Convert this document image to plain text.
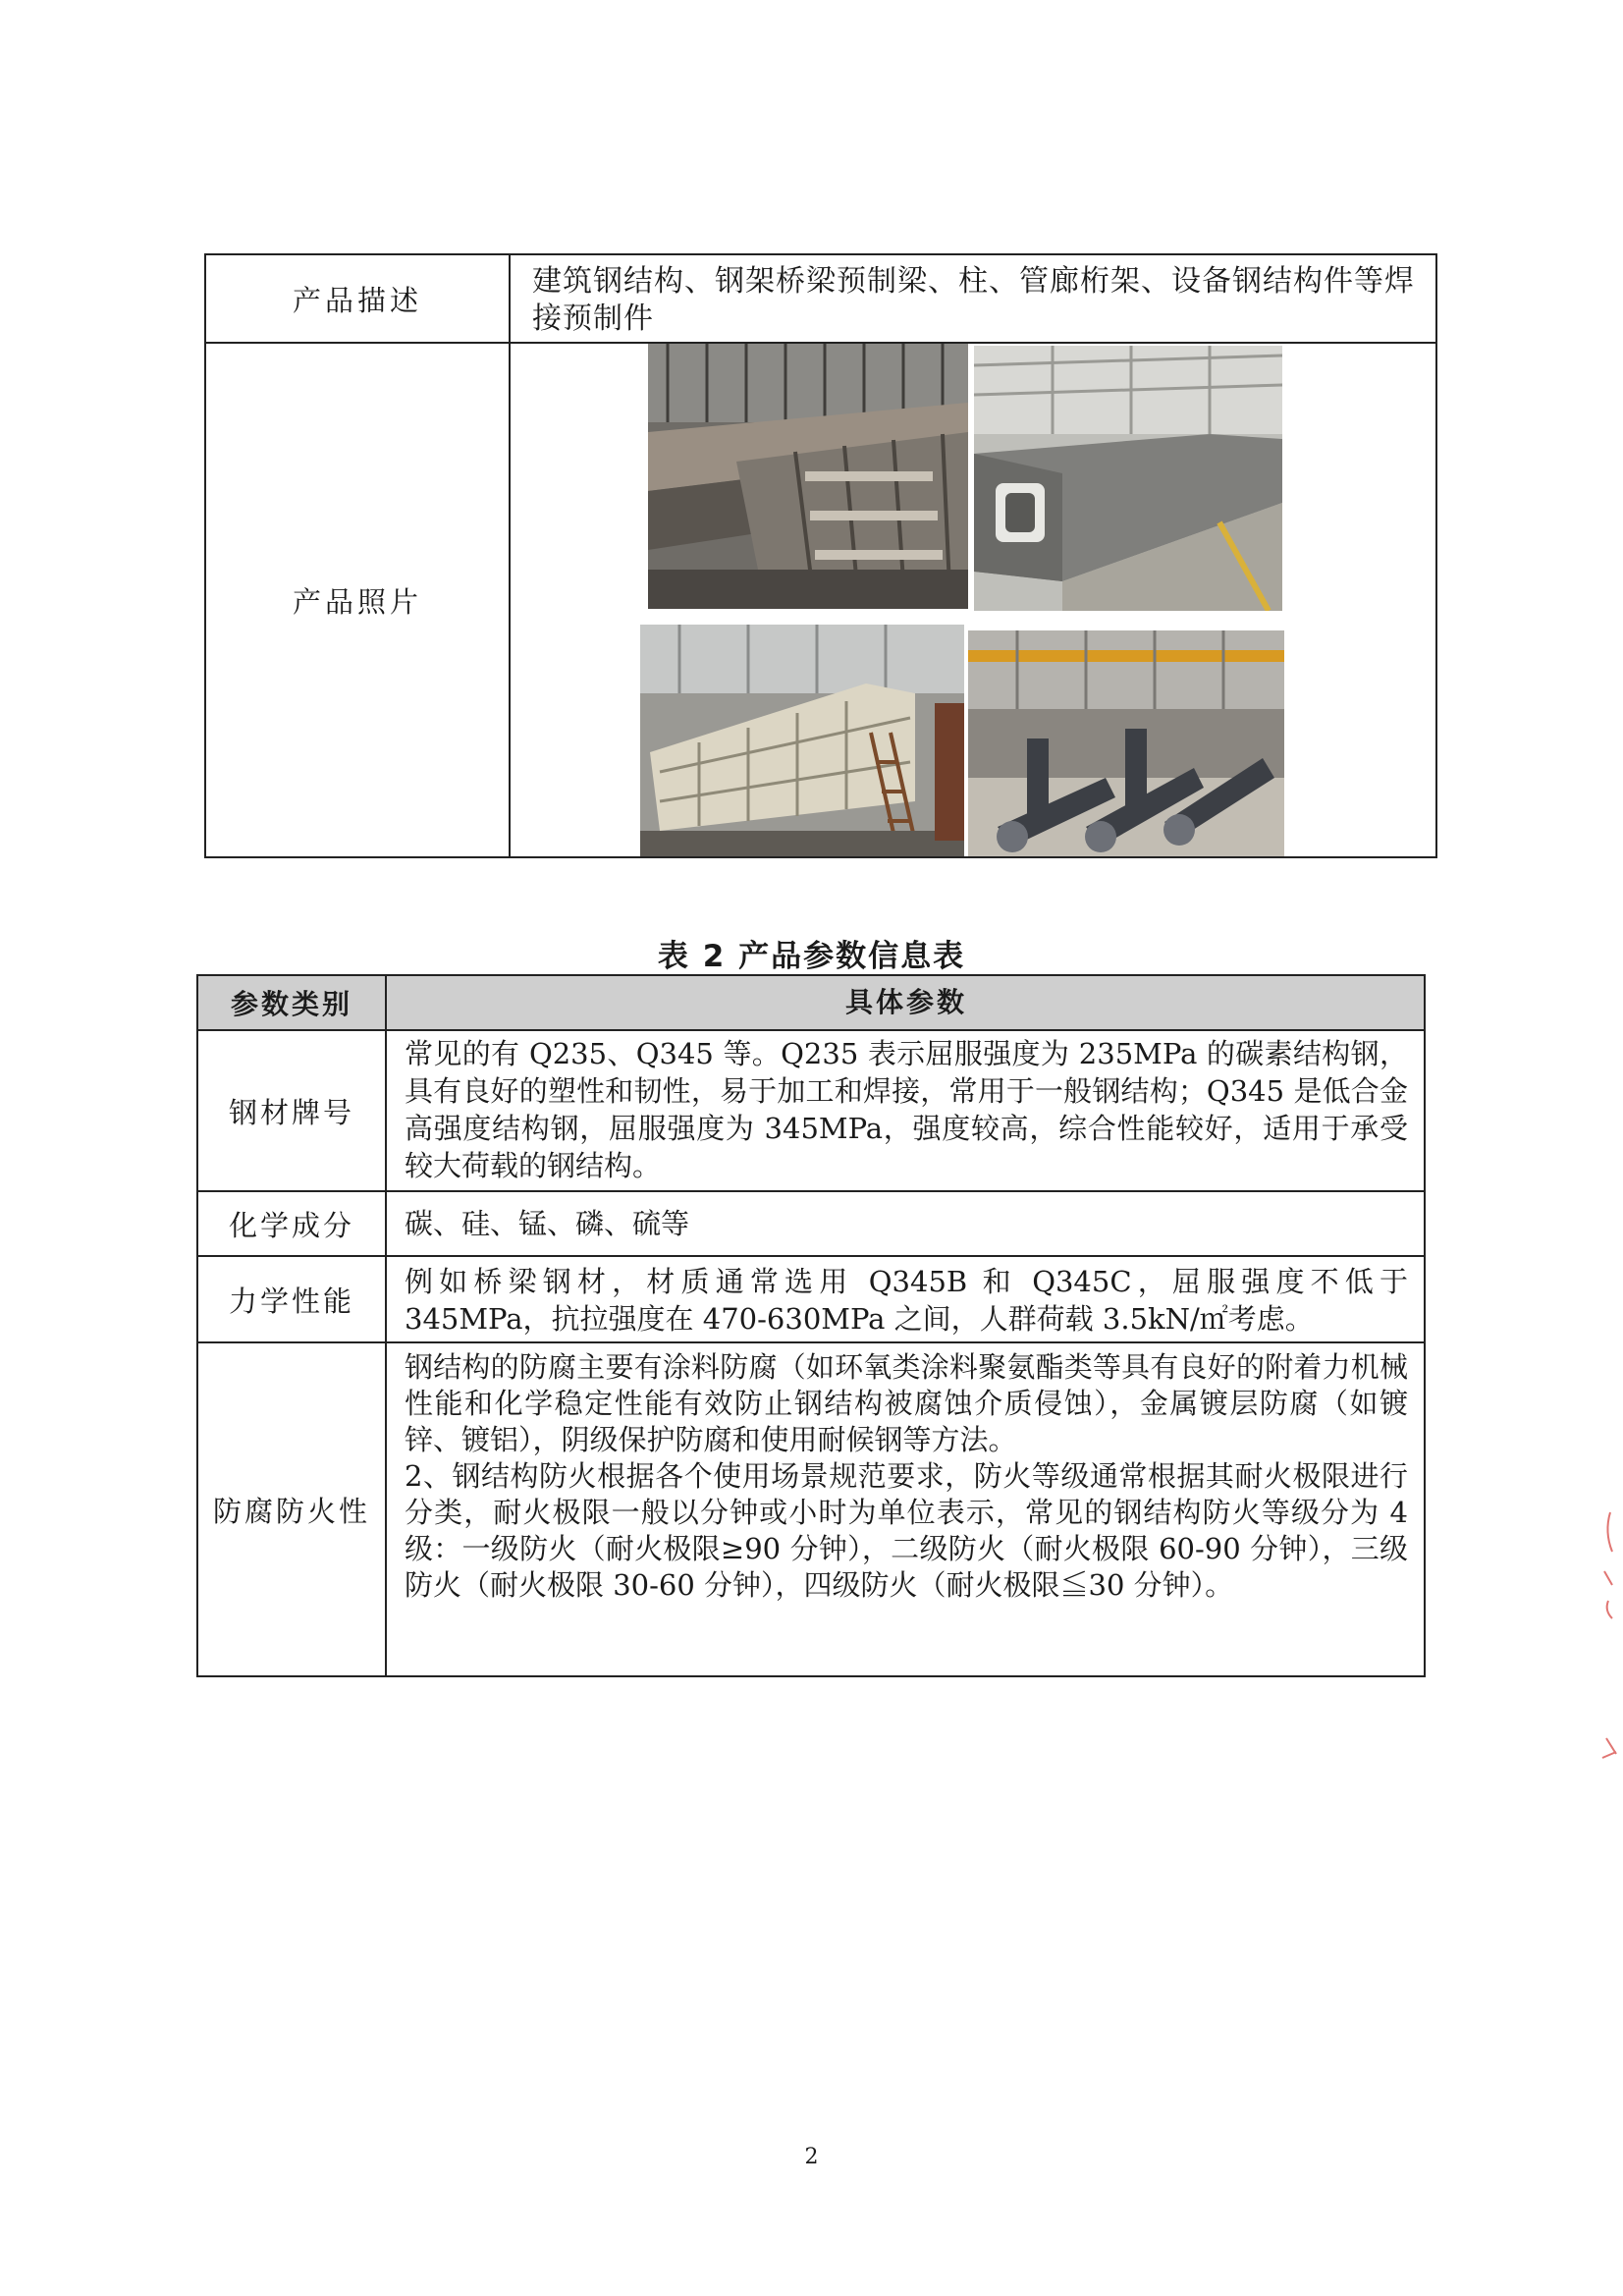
产品描述
建筑钢结构、钢架桥梁预制梁、柱、管廊桁架、设备钢结构件等焊接预制件
产品照片
表 2 产品参数信息表
参数类别	具体参数
钢材牌号
常见的有 Q235、Q345 等。Q235 表示屈服强度为 235MPa 的碳素结构钢，具有良好的塑性和韧性，易于加工和焊接，常用于一般钢结构；Q345 是低合金高强度结构钢，屈服强度为 345MPa，强度较高，综合性能较好，适用于承受较大荷载的钢结构。
化学成分	碳、硅、锰、磷、硫等
力学性能
例如桥梁钢材，材质通常选用 Q345B 和 Q345C，屈服强度不低于 345MPa，抗拉强度在 470-630MPa 之间，人群荷载 3.5kN/㎡考虑。
防腐防火性
钢结构的防腐主要有涂料防腐（如环氧类涂料聚氨酯类等具有良好的附着力机械性能和化学稳定性能有效防止钢结构被腐蚀介质侵蚀），金属镀层防腐（如镀锌、镀铝），阴级保护防腐和使用耐候钢等方法。
2、钢结构防火根据各个使用场景规范要求，防火等级通常根据其耐火极限进行分类，耐火极限一般以分钟或小时为单位表示，常见的钢结构防火等级分为 4 级：一级防火（耐火极限≥90 分钟），二级防火（耐火极限 60-90 分钟），三级防火（耐火极限 30-60 分钟），四级防火（耐火极限≦30 分钟）。
2
